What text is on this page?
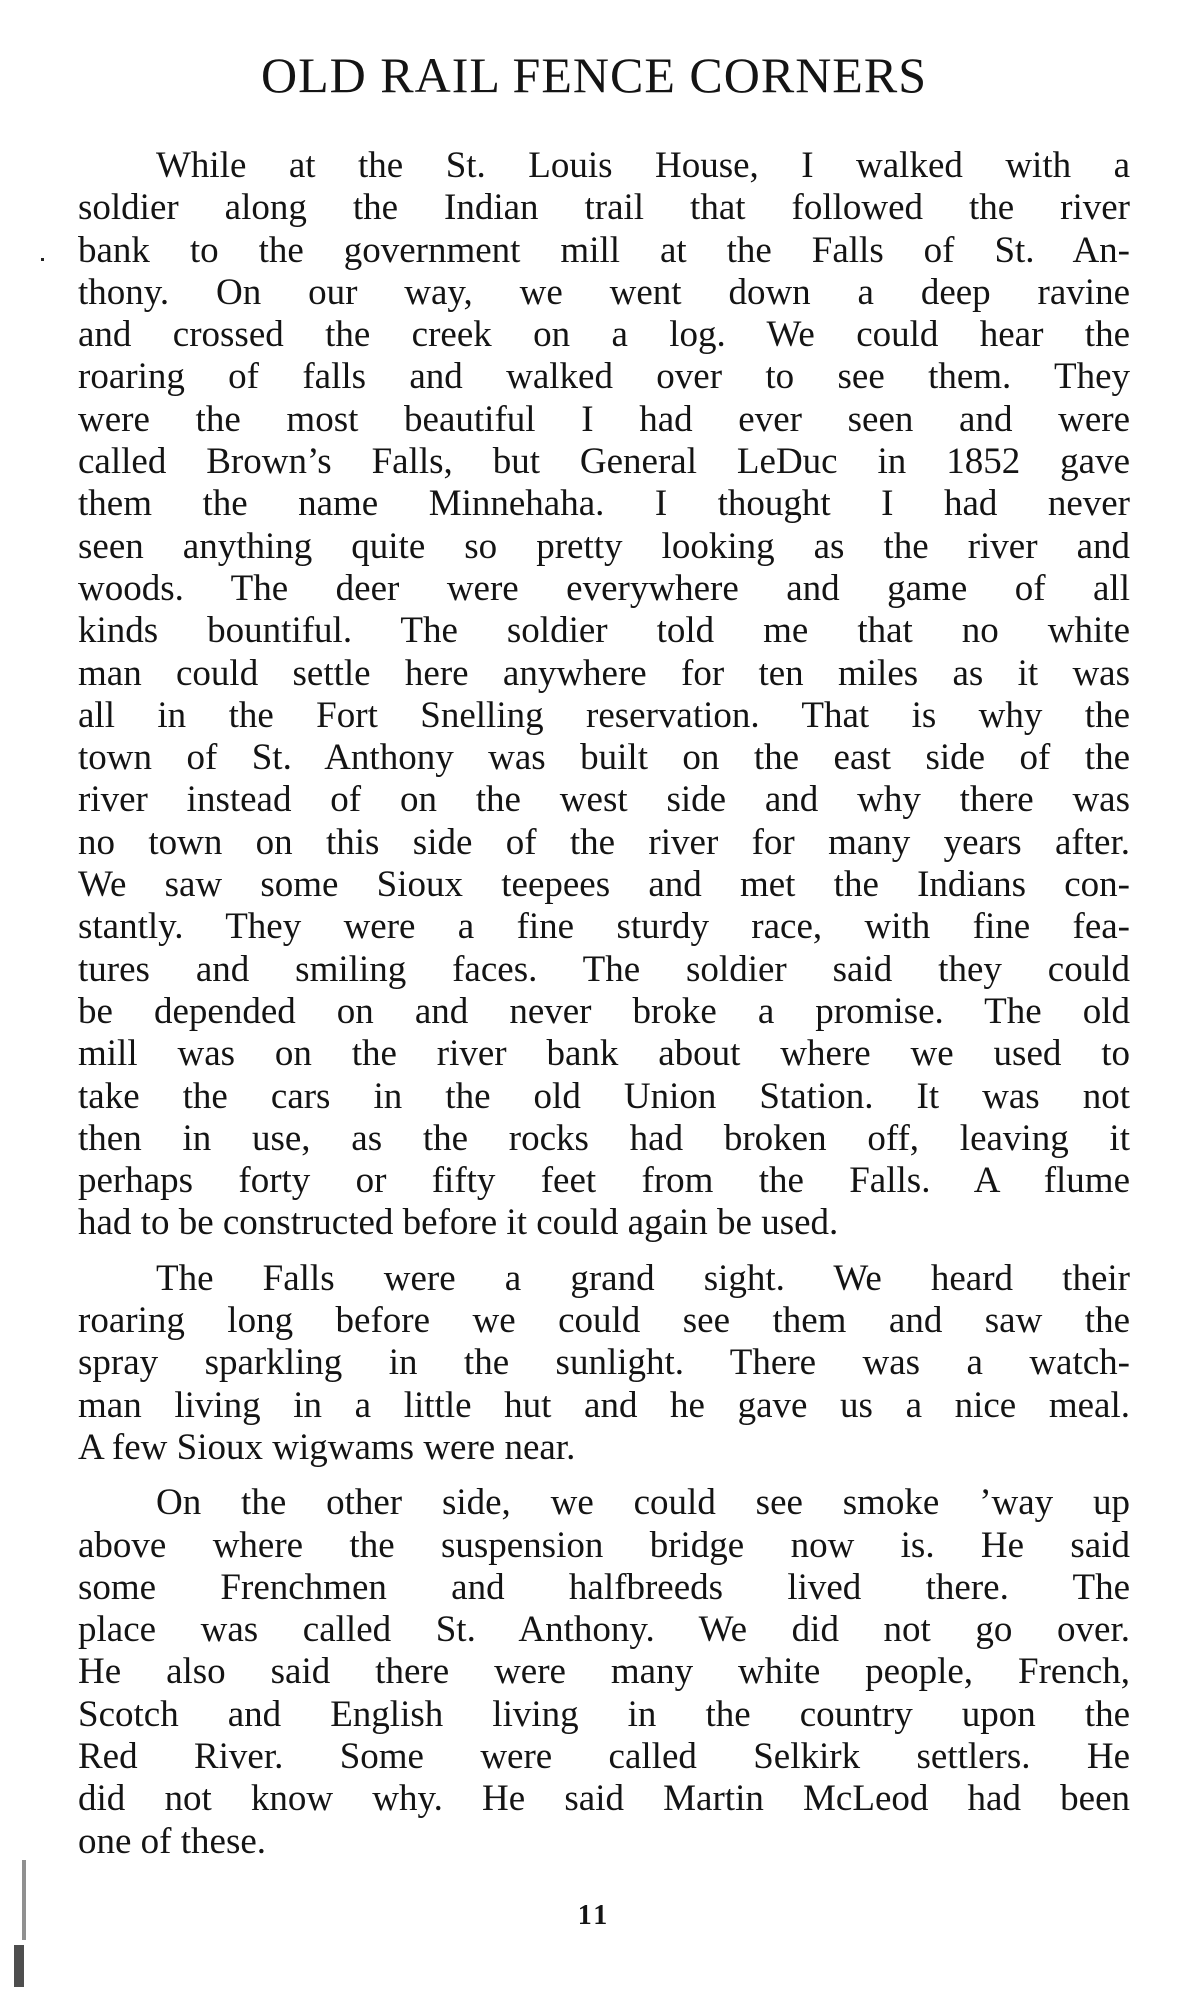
OLD RAIL FENCE CORNERS
While at the St. Louis House, I walked with a
soldier along the Indian trail that followed the river
bank to the government mill at the Falls of St. An-
thony. On our way, we went down a deep ravine
and crossed the creek on a log. We could hear the
roaring of falls and walked over to see them. They
were the most beautiful I had ever seen and were
called Brown’s Falls, but General LeDuc in 1852 gave
them the name Minnehaha. I thought I had never
seen anything quite so pretty looking as the river and
woods. The deer were everywhere and game of all
kinds bountiful. The soldier told me that no white
man could settle here anywhere for ten miles as it was
all in the Fort Snelling reservation. That is why the
town of St. Anthony was built on the east side of the
river instead of on the west side and why there was
no town on this side of the river for many years after.
We saw some Sioux teepees and met the Indians con-
stantly. They were a fine sturdy race, with fine fea-
tures and smiling faces. The soldier said they could
be depended on and never broke a promise. The old
mill was on the river bank about where we used to
take the cars in the old Union Station. It was not
then in use, as the rocks had broken off, leaving it
perhaps forty or fifty feet from the Falls. A flume
had to be constructed before it could again be used.
The Falls were a grand sight. We heard their
roaring long before we could see them and saw the
spray sparkling in the sunlight. There was a watch-
man living in a little hut and he gave us a nice meal.
A few Sioux wigwams were near.
On the other side, we could see smoke ’way up
above where the suspension bridge now is. He said
some Frenchmen and halfbreeds lived there. The
place was called St. Anthony. We did not go over.
He also said there were many white people, French,
Scotch and English living in the country upon the
Red River. Some were called Selkirk settlers. He
did not know why. He said Martin McLeod had been
one of these.
11
